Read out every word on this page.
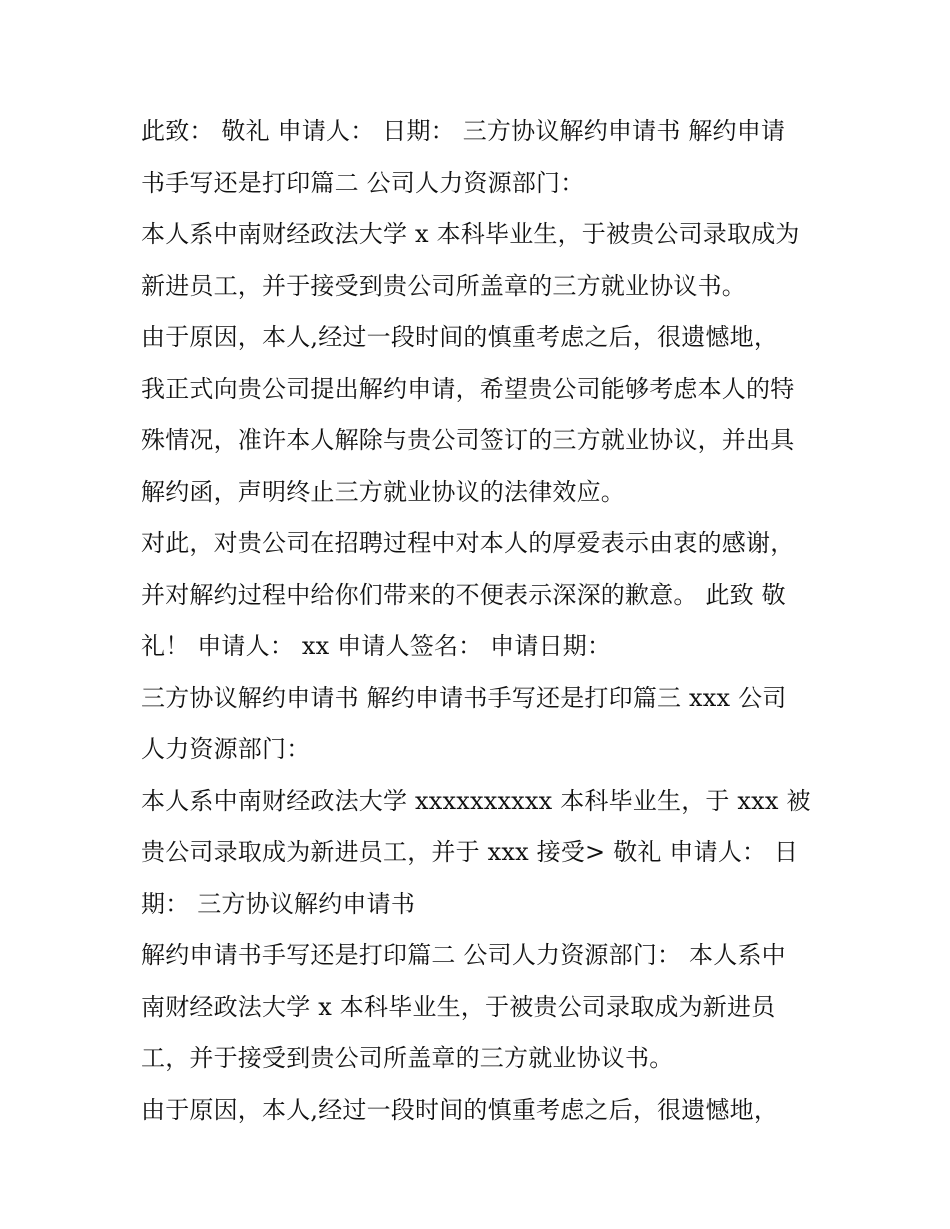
此致： 敬礼 申请人： 日期： 三方协议解约申请书 解约申请
书手写还是打印篇二 公司人力资源部门：
本人系中南财经政法大学 x 本科毕业生，于被贵公司录取成为
新进员工，并于接受到贵公司所盖章的三方就业协议书。
由于原因，本人,经过一段时间的慎重考虑之后，很遗憾地，
我正式向贵公司提出解约申请，希望贵公司能够考虑本人的特
殊情况，准许本人解除与贵公司签订的三方就业协议，并出具
解约函，声明终止三方就业协议的法律效应。
对此，对贵公司在招聘过程中对本人的厚爱表示由衷的感谢，
并对解约过程中给你们带来的不便表示深深的歉意。 此致 敬
礼！ 申请人： xx 申请人签名： 申请日期：
三方协议解约申请书 解约申请书手写还是打印篇三 xxx 公司
人力资源部门：
本人系中南财经政法大学 xxxxxxxxxx 本科毕业生，于 xxx 被
贵公司录取成为新进员工，并于 xxx 接受> 敬礼 申请人： 日
期： 三方协议解约申请书
解约申请书手写还是打印篇二 公司人力资源部门： 本人系中
南财经政法大学 x 本科毕业生，于被贵公司录取成为新进员
工，并于接受到贵公司所盖章的三方就业协议书。
由于原因，本人,经过一段时间的慎重考虑之后，很遗憾地，
